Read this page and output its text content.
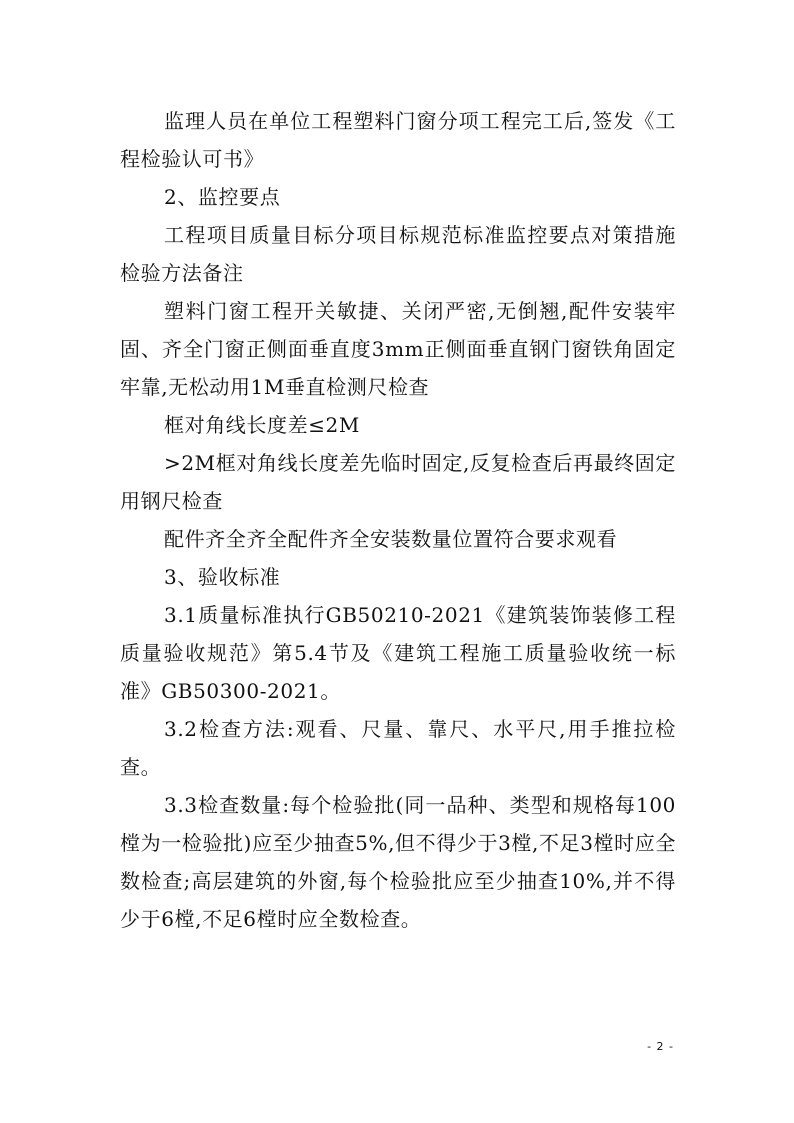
监理人员在单位工程塑料门窗分项工程完工后,签发《工程检验认可书》

2、监控要点

工程项目质量目标分项目标规范标准监控要点对策措施检验方法备注

塑料门窗工程开关敏捷、关闭严密,无倒翘,配件安装牢固、齐全门窗正侧面垂直度3mm正侧面垂直钢门窗铁角固定牢靠,无松动用1M垂直检测尺检查

框对角线长度差≤2M

>2M框对角线长度差先临时固定,反复检查后再最终固定用钢尺检查

配件齐全齐全配件齐全安装数量位置符合要求观看

3、验收标准

3.1质量标准执行GB50210-2021《建筑装饰装修工程质量验收规范》第5.4节及《建筑工程施工质量验收统一标准》GB50300-2021。

3.2检查方法:观看、尺量、靠尺、水平尺,用手推拉检查。

3.3检查数量:每个检验批(同一品种、类型和规格每100樘为一检验批)应至少抽查5%,但不得少于3樘,不足3樘时应全数检查;高层建筑的外窗,每个检验批应至少抽查10%,并不得少于6樘,不足6樘时应全数检查。

- 2 -
